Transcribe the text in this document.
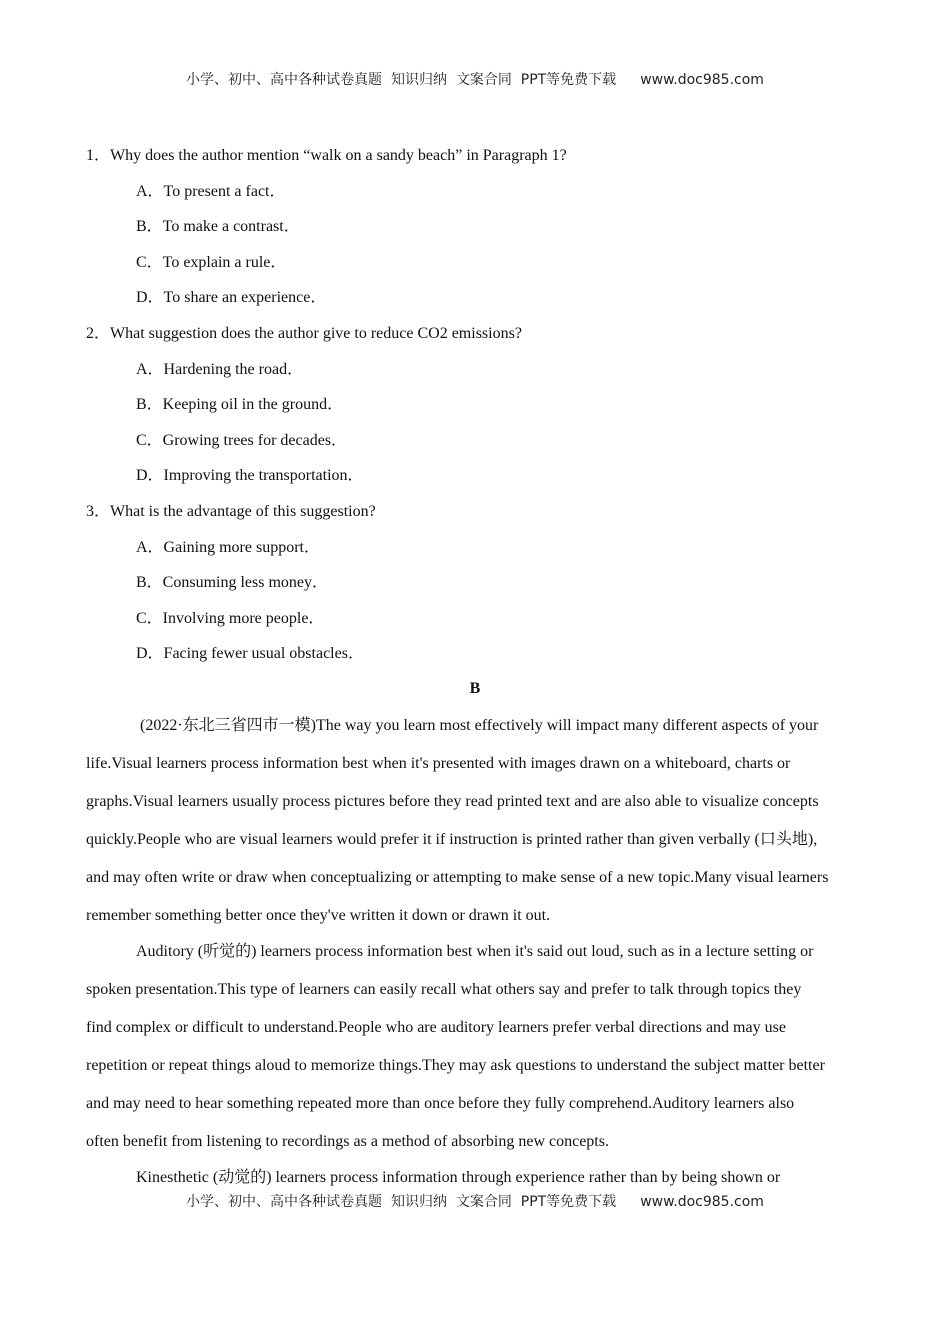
小学、初中、高中各种试卷真题  知识归纳  文案合同  PPT等免费下载 www.doc985.com
1．Why does the author mention “walk on a sandy beach” in Paragraph 1?
A．To present a fact．
B．To make a contrast．
C．To explain a rule．
D．To share an experience．
2．What suggestion does the author give to reduce CO2 emissions?
A．Hardening the road．
B．Keeping oil in the ground．
C．Growing trees for decades．
D．Improving the transportation．
3．What is the advantage of this suggestion?
A．Gaining more support．
B．Consuming less money．
C．Involving more people．
D．Facing fewer usual obstacles．
B
(2022·东北三省四市一模)The way you learn most effectively will impact many different aspects of your
life.Visual learners process information best when it's presented with images drawn on a whiteboard, charts or
graphs.Visual learners usually process pictures before they read printed text and are also able to visualize concepts
quickly.People who are visual learners would prefer it if instruction is printed rather than given verbally (口头地),
and may often write or draw when conceptualizing or attempting to make sense of a new topic.Many visual learners
remember something better once they've written it down or drawn it out.
Auditory (听觉的) learners process information best when it's said out loud, such as in a lecture setting or
spoken presentation.This type of learners can easily recall what others say and prefer to talk through topics they
find complex or difficult to understand.People who are auditory learners prefer verbal directions and may use
repetition or repeat things aloud to memorize things.They may ask questions to understand the subject matter better
and may need to hear something repeated more than once before they fully comprehend.Auditory learners also
often benefit from listening to recordings as a method of absorbing new concepts.
Kinesthetic (动觉的) learners process information through experience rather than by being shown or
小学、初中、高中各种试卷真题  知识归纳  文案合同  PPT等免费下载 www.doc985.com
